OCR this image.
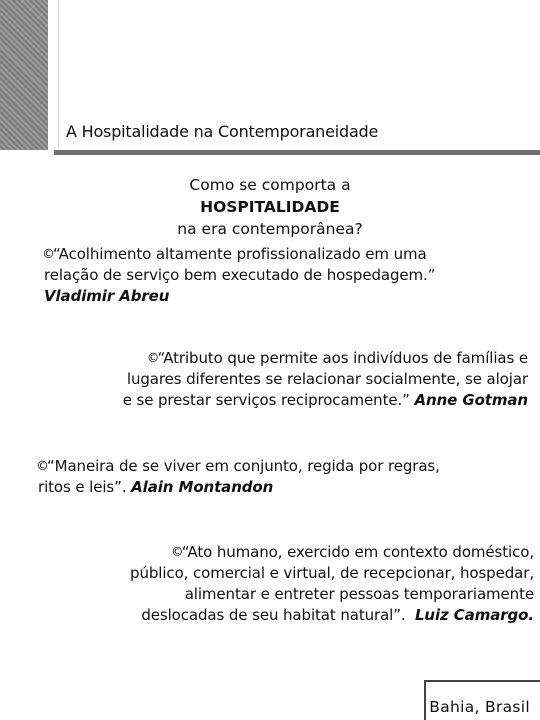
A Hospitalidade na Contemporaneidade
Como se comporta a HOSPITALIDADE
na era contemporânea?
©“Acolhimento altamente profissionalizado em uma
relação de serviço bem executado de hospedagem.”
Vladimir Abreu
©“Atributo que permite aos indivíduos de famílias e
lugares diferentes se relacionar socialmente, se alojar
e se prestar serviços reciprocamente.” Anne Gotman
©“Maneira de se viver em conjunto, regida por regras,
ritos e leis”. Alain Montandon
©“Ato humano, exercido em contexto doméstico,
público, comercial e virtual, de recepcionar, hospedar,
alimentar e entreter pessoas temporariamente
deslocadas de seu habitat natural”. Luiz Camargo.
Bahia, Brasil
